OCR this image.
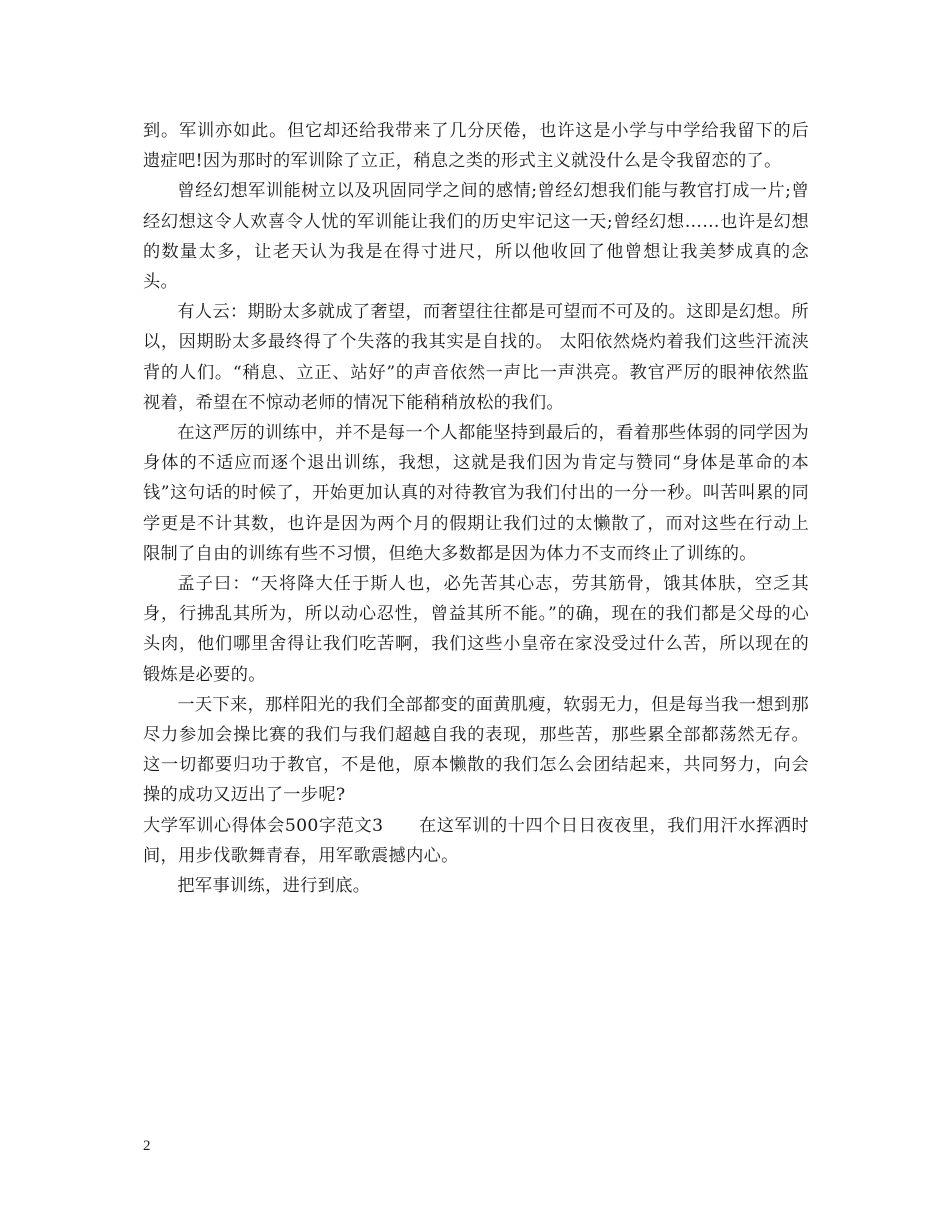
到。军训亦如此。但它却还给我带来了几分厌倦，也许这是小学与中学给我留下的后遗症吧!因为那时的军训除了立正，稍息之类的形式主义就没什么是令我留恋的了。

曾经幻想军训能树立以及巩固同学之间的感情;曾经幻想我们能与教官打成一片;曾经幻想这令人欢喜令人忧的军训能让我们的历史牢记这一天;曾经幻想……也许是幻想的数量太多，让老天认为我是在得寸进尺，所以他收回了他曾想让我美梦成真的念头。

有人云：期盼太多就成了奢望，而奢望往往都是可望而不可及的。这即是幻想。所以，因期盼太多最终得了个失落的我其实是自找的。 太阳依然烧灼着我们这些汗流浃背的人们。“稍息、立正、站好”的声音依然一声比一声洪亮。教官严厉的眼神依然监视着，希望在不惊动老师的情况下能稍稍放松的我们。

在这严厉的训练中，并不是每一个人都能坚持到最后的，看着那些体弱的同学因为身体的不适应而逐个退出训练，我想，这就是我们因为肯定与赞同“身体是革命的本钱”这句话的时候了，开始更加认真的对待教官为我们付出的一分一秒。叫苦叫累的同学更是不计其数，也许是因为两个月的假期让我们过的太懒散了，而对这些在行动上限制了自由的训练有些不习惯，但绝大多数都是因为体力不支而终止了训练的。

孟子曰：“天将降大任于斯人也，必先苦其心志，劳其筋骨，饿其体肤，空乏其身，行拂乱其所为，所以动心忍性，曾益其所不能。”的确，现在的我们都是父母的心头肉，他们哪里舍得让我们吃苦啊，我们这些小皇帝在家没受过什么苦，所以现在的锻炼是必要的。

一天下来，那样阳光的我们全部都变的面黄肌瘦，软弱无力，但是每当我一想到那尽力参加会操比赛的我们与我们超越自我的表现，那些苦，那些累全部都荡然无存。这一切都要归功于教官，不是他，原本懒散的我们怎么会团结起来，共同努力，向会操的成功又迈出了一步呢?

大学军训心得体会500字范文3　　在这军训的十四个日日夜夜里，我们用汗水挥洒时间，用步伐歌舞青春，用军歌震撼内心。

把军事训练，进行到底。

2
